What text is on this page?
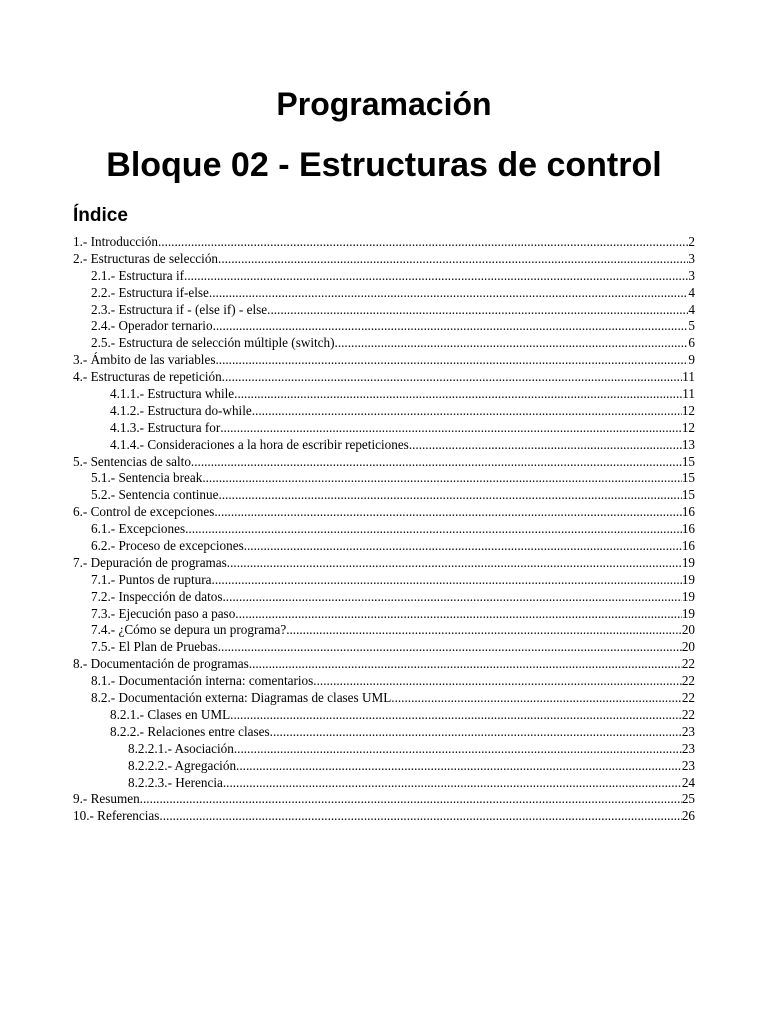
Programación
Bloque 02 - Estructuras de control
Índice
1.- Introducción .....	2
2.- Estructuras de selección .....	3
2.1.- Estructura if .....	3
2.2.- Estructura if-else .....	4
2.3.- Estructura if - (else if) - else .....	4
2.4.- Operador ternario .....	5
2.5.- Estructura de selección múltiple (switch) .....	6
3.- Ámbito de las variables .....	9
4.- Estructuras de repetición .....	11
4.1.1.- Estructura while .....	11
4.1.2.- Estructura do-while .....	12
4.1.3.- Estructura for .....	12
4.1.4.- Consideraciones a la hora de escribir repeticiones .....	13
5.- Sentencias de salto .....	15
5.1.- Sentencia break .....	15
5.2.- Sentencia continue .....	15
6.- Control de excepciones .....	16
6.1.- Excepciones .....	16
6.2.- Proceso de excepciones .....	16
7.- Depuración de programas .....	19
7.1.- Puntos de ruptura .....	19
7.2.- Inspección de datos .....	19
7.3.- Ejecución paso a paso .....	19
7.4.- ¿Cómo se depura un programa? .....	20
7.5.- El Plan de Pruebas .....	20
8.- Documentación de programas .....	22
8.1.- Documentación interna: comentarios .....	22
8.2.- Documentación externa: Diagramas de clases UML .....	22
8.2.1.- Clases en UML .....	22
8.2.2.- Relaciones entre clases .....	23
8.2.2.1.- Asociación .....	23
8.2.2.2.- Agregación .....	23
8.2.2.3.- Herencia .....	24
9.- Resumen .....	25
10.- Referencias .....	26
